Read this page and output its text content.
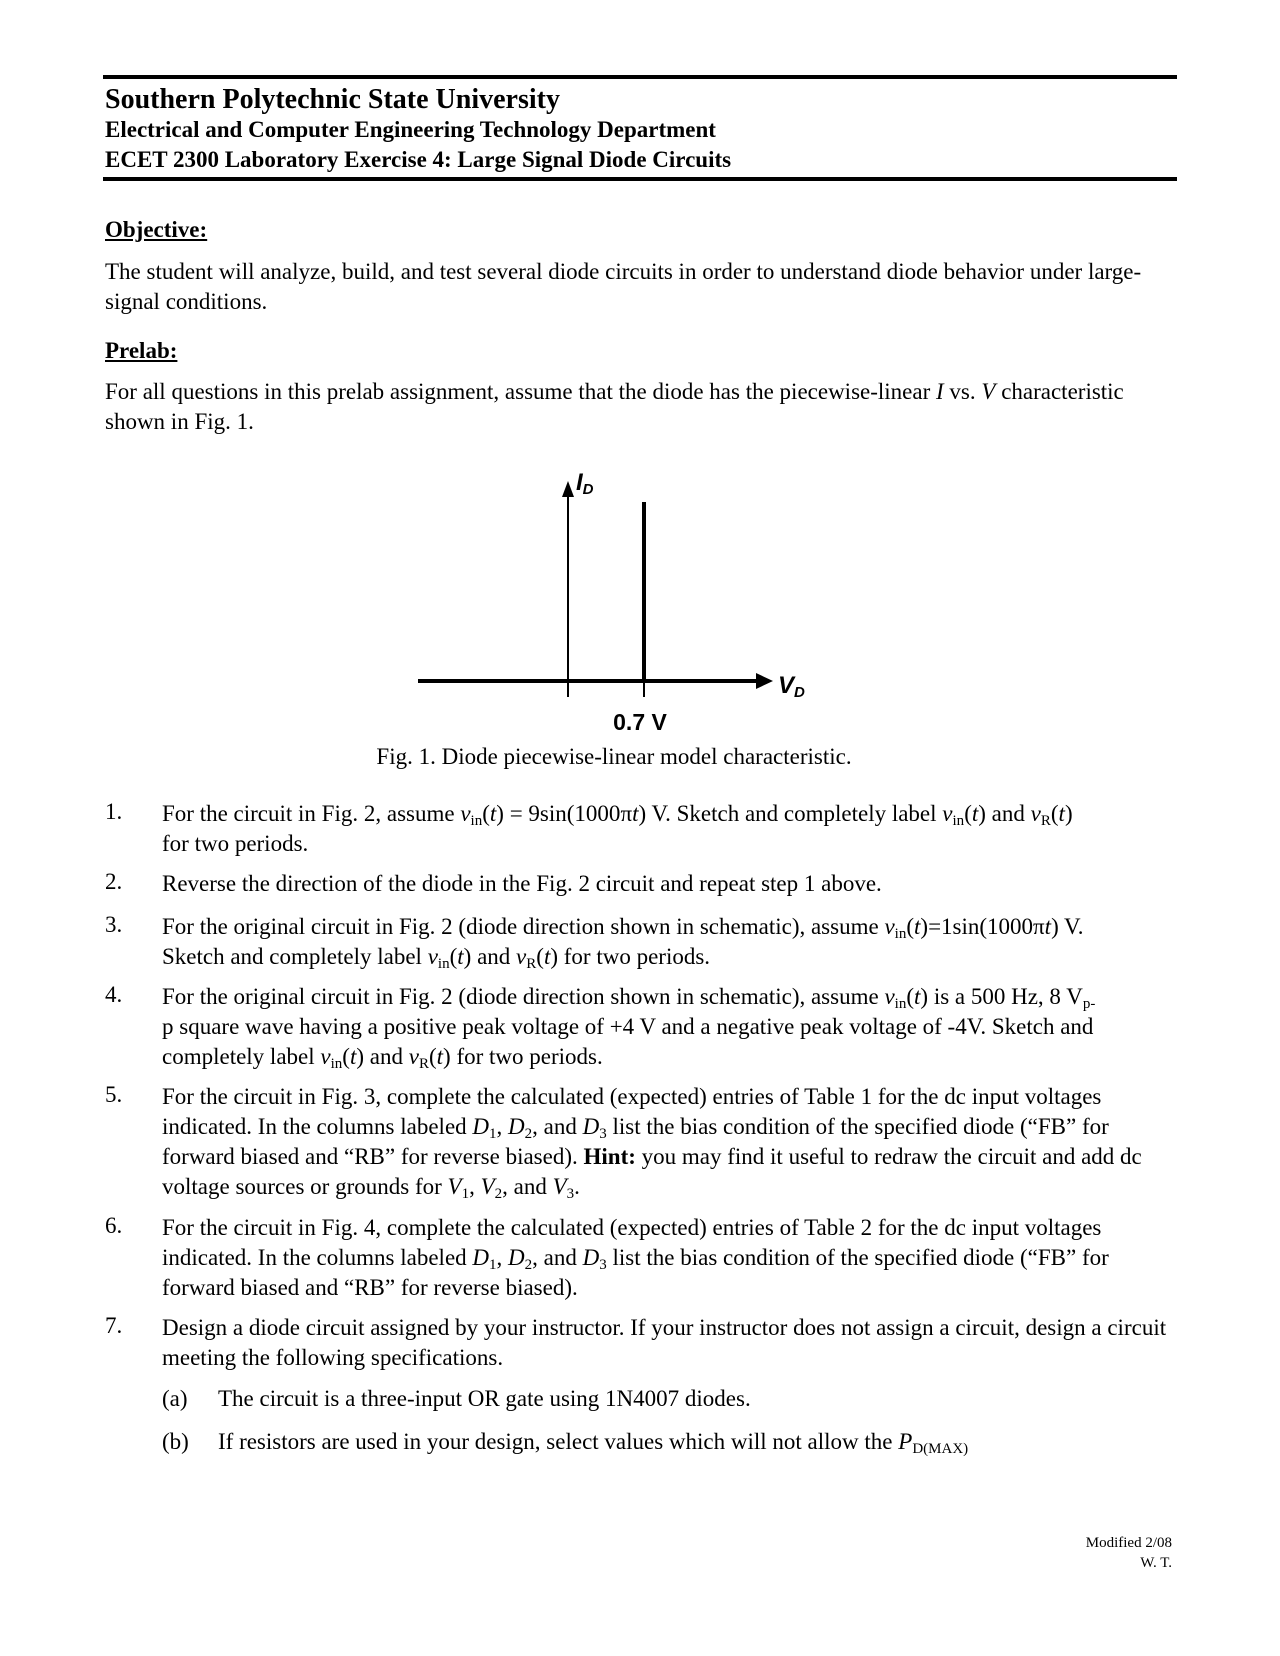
Southern Polytechnic State University
Electrical and Computer Engineering Technology Department
ECET 2300 Laboratory Exercise 4: Large Signal Diode Circuits
Objective:
The student will analyze, build, and test several diode circuits in order to understand diode behavior under large-signal conditions.
Prelab:
For all questions in this prelab assignment, assume that the diode has the piecewise-linear I vs. V characteristic shown in Fig. 1.
ID
VD
0.7 V
Fig. 1. Diode piecewise-linear model characteristic.
1. For the circuit in Fig. 2, assume $v_{in}(t) = 9\sin(1000\pi t)$ V. Sketch and completely label $v_{in}(t)$ and $v_R(t)$
for two periods.
2. Reverse the direction of the diode in the Fig. 2 circuit and repeat step 1 above.
3. For the original circuit in Fig. 2 (diode direction shown in schematic), assume $v_{in}(t)=1\sin(1000\pi t)$ V.
Sketch and completely label $v_{in}(t)$ and $v_R(t)$ for two periods.
4. For the original circuit in Fig. 2 (diode direction shown in schematic), assume $v_{in}(t)$ is a 500 Hz, 8 $V_{p-}$
p square wave having a positive peak voltage of +4 V and a negative peak voltage of -4V. Sketch and
completely label $v_{in}(t)$ and $v_R(t)$ for two periods.
5. For the circuit in Fig. 3, complete the calculated (expected) entries of Table 1 for the dc input voltages indicated. In the columns labeled $D_1$, $D_2$, and $D_3$ list the bias condition of the specified diode (“FB” for forward biased and “RB” for reverse biased). Hint: you may find it useful to redraw the circuit and add dc voltage sources or grounds for $V_1$, $V_2$, and $V_3$.
6. For the circuit in Fig. 4, complete the calculated (expected) entries of Table 2 for the dc input voltages indicated. In the columns labeled $D_1$, $D_2$, and $D_3$ list the bias condition of the specified diode (“FB” for forward biased and “RB” for reverse biased).
7. Design a diode circuit assigned by your instructor. If your instructor does not assign a circuit, design a circuit meeting the following specifications.
(a) The circuit is a three-input OR gate using 1N4007 diodes.
(b) If resistors are used in your design, select values which will not allow the $P_{D(MAX)}$
Modified 2/08
W. T.
